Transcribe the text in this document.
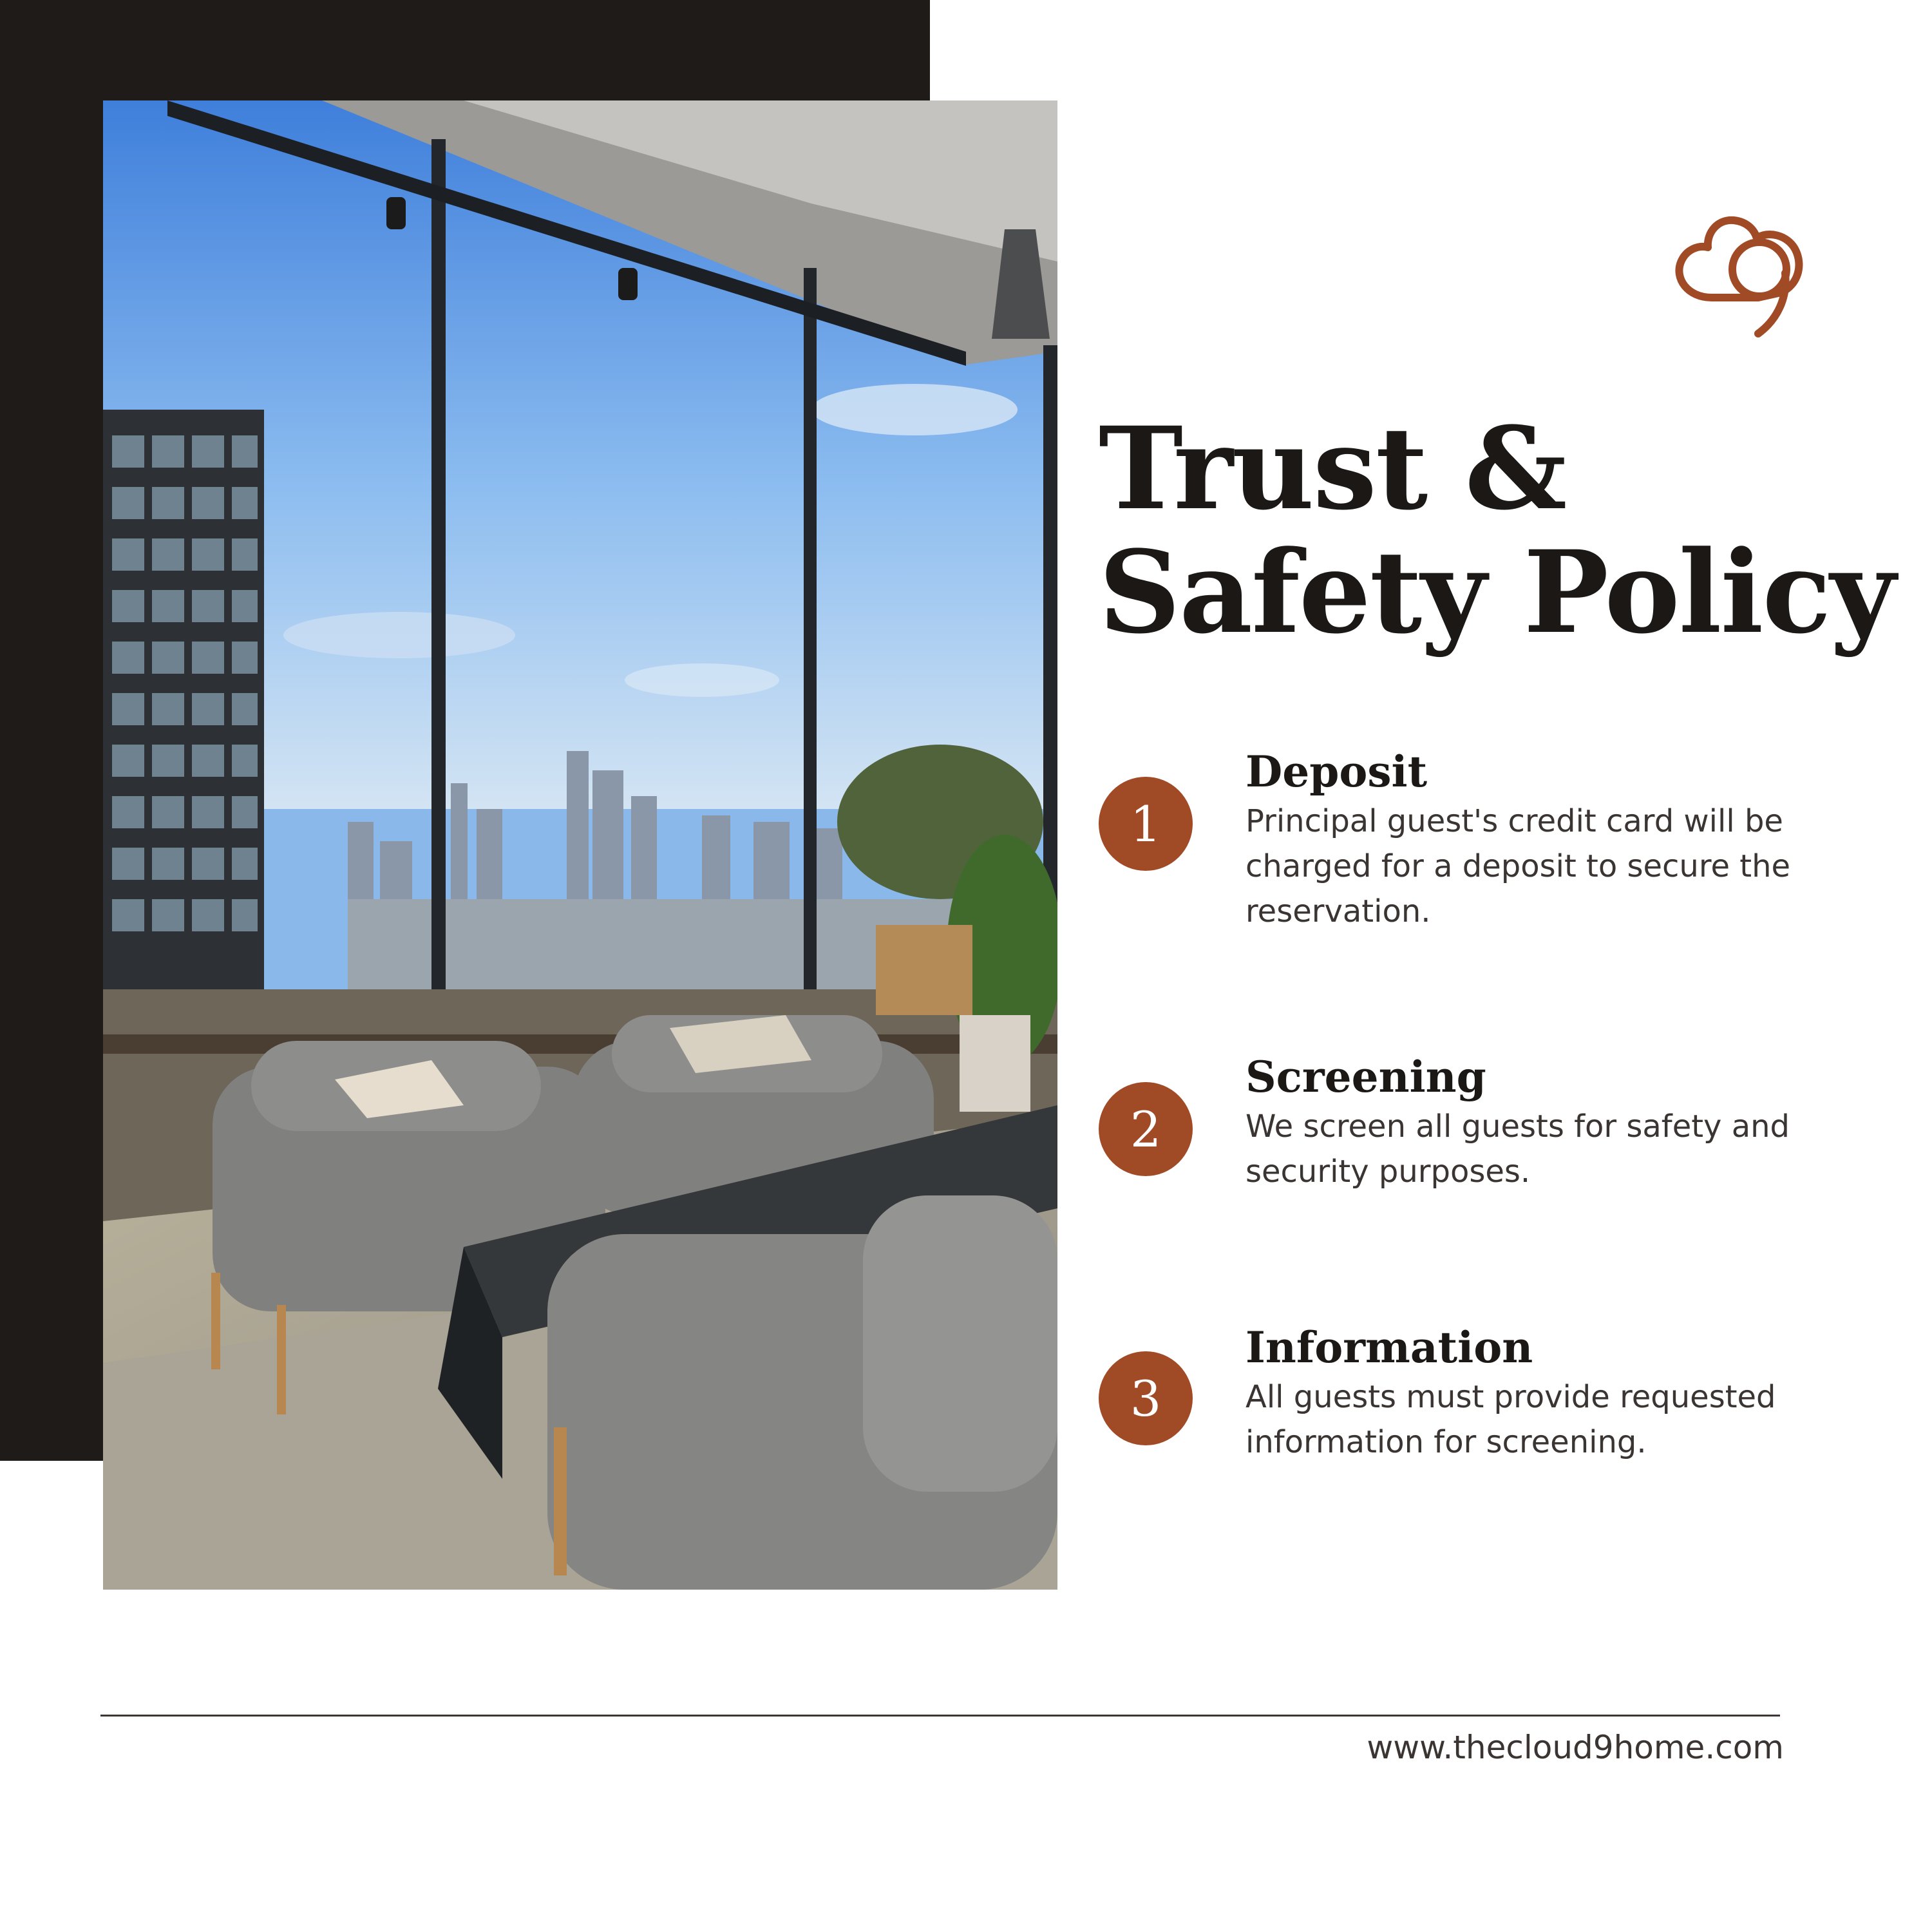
Trust &
Safety Policy
1
Deposit

Principal guest's credit card will be charged for a deposit to secure the reservation.

2
Screening

We screen all guests for safety and security purposes.

3
Information

All guests must provide requested information for screening.

www.thecloud9home.com
